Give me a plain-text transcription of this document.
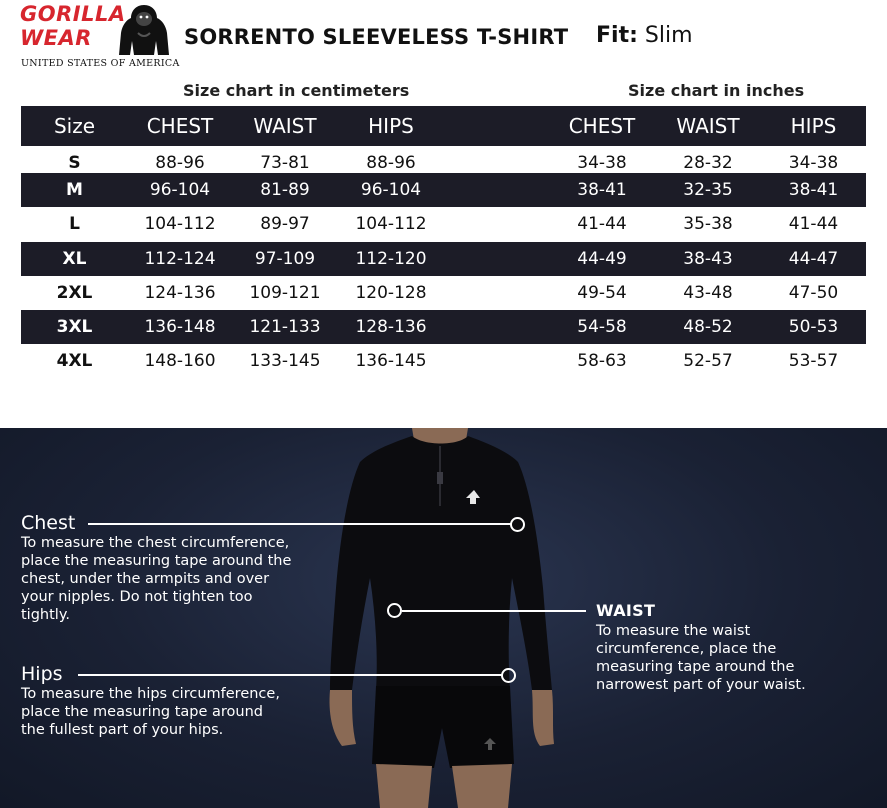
GORILLA
WEAR
UNITED STATES OF AMERICA
SORRENTO SLEEVELESS T-SHIRT Fit: Slim
Size chart in centimeters	Size chart in inches
Size	CHEST	WAIST	HIPS	CHEST	WAIST	HIPS
S	88-96	73-81	88-96	34-38	28-32	34-38
M	96-104	81-89	96-104	38-41	32-35	38-41
L	104-112	89-97	104-112	41-44	35-38	41-44
XL	112-124	97-109	112-120	44-49	38-43	44-47
2XL	124-136	109-121	120-128	49-54	43-48	47-50
3XL	136-148	121-133	128-136	54-58	48-52	50-53
4XL	148-160	133-145	136-145	58-63	52-57	53-57
Chest
To measure the chest circumference, place the measuring tape around the chest, under the armpits and over your nipples. Do not tighten too tightly.	WAIST
To measure the waist circumference, place the measuring tape around the narrowest part of your waist.
Hips
To measure the hips circumference, place the measuring tape around the fullest part of your hips.
